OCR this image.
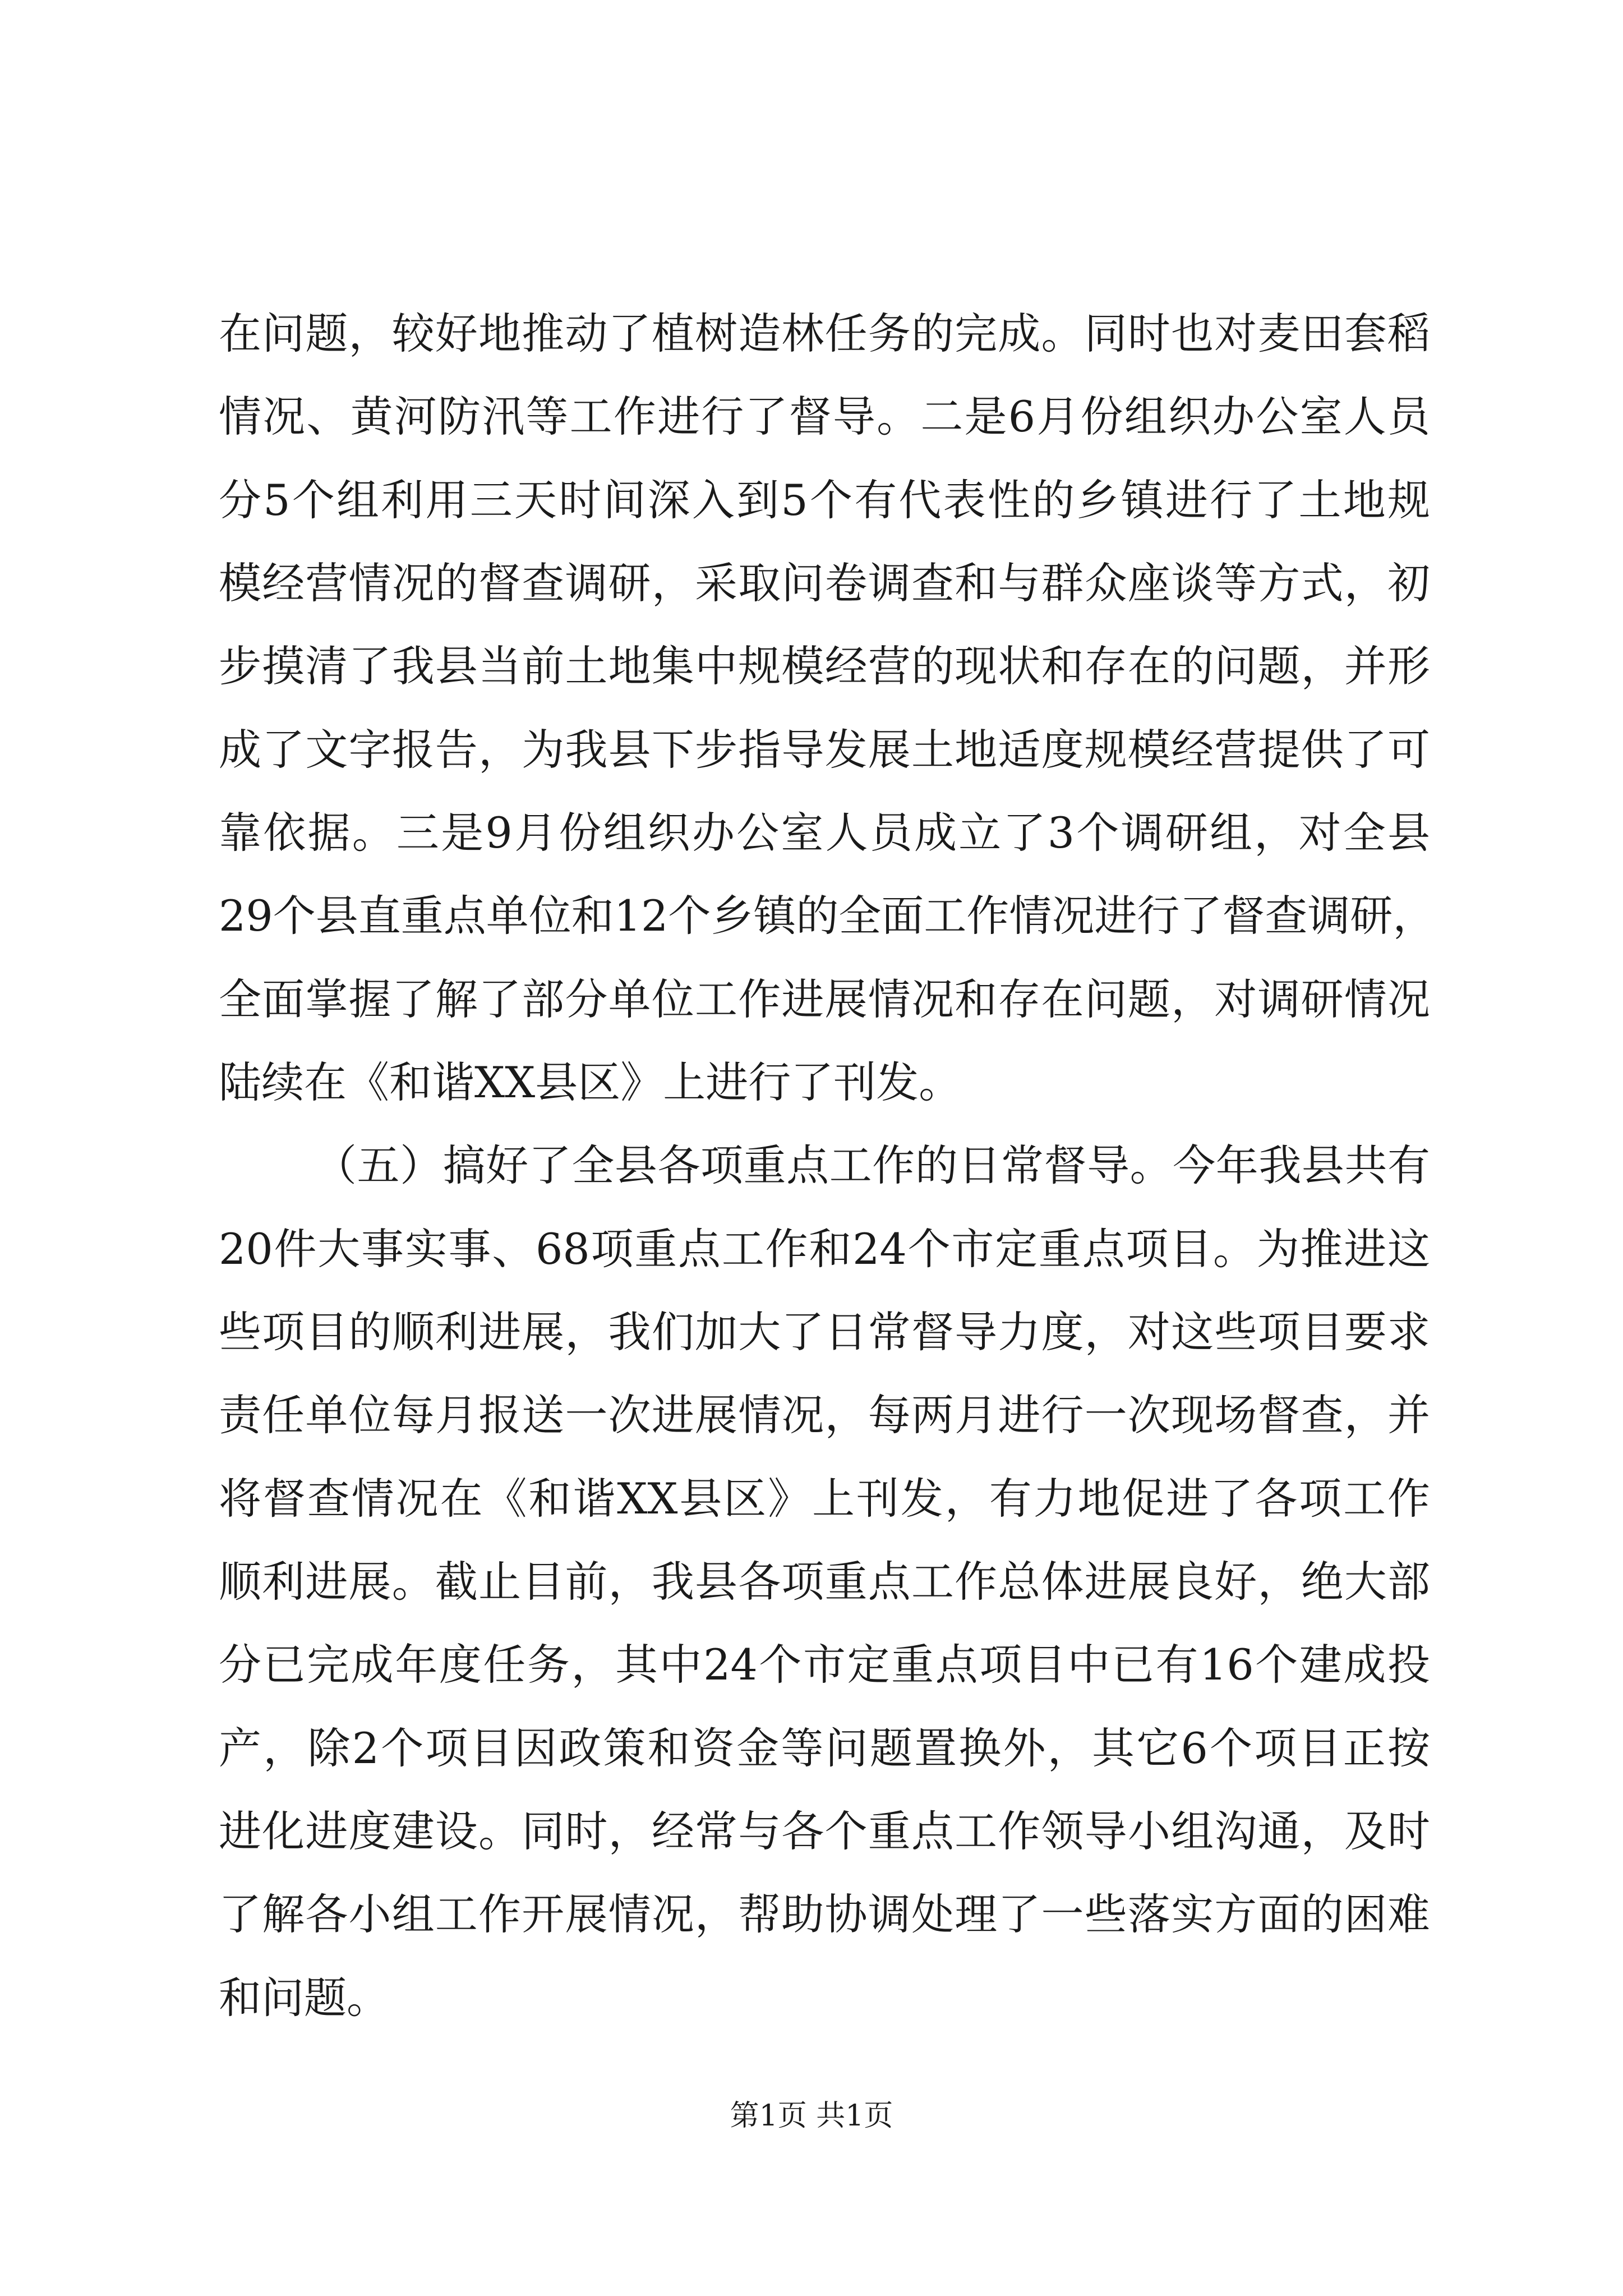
在问题，较好地推动了植树造林任务的完成。同时也对麦田套稻
情况、黄河防汛等工作进行了督导。二是6月份组织办公室人员
分5个组利用三天时间深入到5个有代表性的乡镇进行了土地规
模经营情况的督查调研，采取问卷调查和与群众座谈等方式，初
步摸清了我县当前土地集中规模经营的现状和存在的问题，并形
成了文字报告，为我县下步指导发展土地适度规模经营提供了可
靠依据。三是9月份组织办公室人员成立了3个调研组，对全县
29个县直重点单位和12个乡镇的全面工作情况进行了督查调研，
全面掌握了解了部分单位工作进展情况和存在问题，对调研情况
陆续在《和谐XX县区》上进行了刊发。
（五）搞好了全县各项重点工作的日常督导。今年我县共有
20件大事实事、68项重点工作和24个市定重点项目。为推进这
些项目的顺利进展，我们加大了日常督导力度，对这些项目要求
责任单位每月报送一次进展情况，每两月进行一次现场督查，并
将督查情况在《和谐XX县区》上刊发，有力地促进了各项工作
顺利进展。截止目前，我县各项重点工作总体进展良好，绝大部
分已完成年度任务，其中24个市定重点项目中已有16个建成投
产，除2个项目因政策和资金等问题置换外，其它6个项目正按
进化进度建设。同时，经常与各个重点工作领导小组沟通，及时
了解各小组工作开展情况，帮助协调处理了一些落实方面的困难
和问题。
第1页 共1页
